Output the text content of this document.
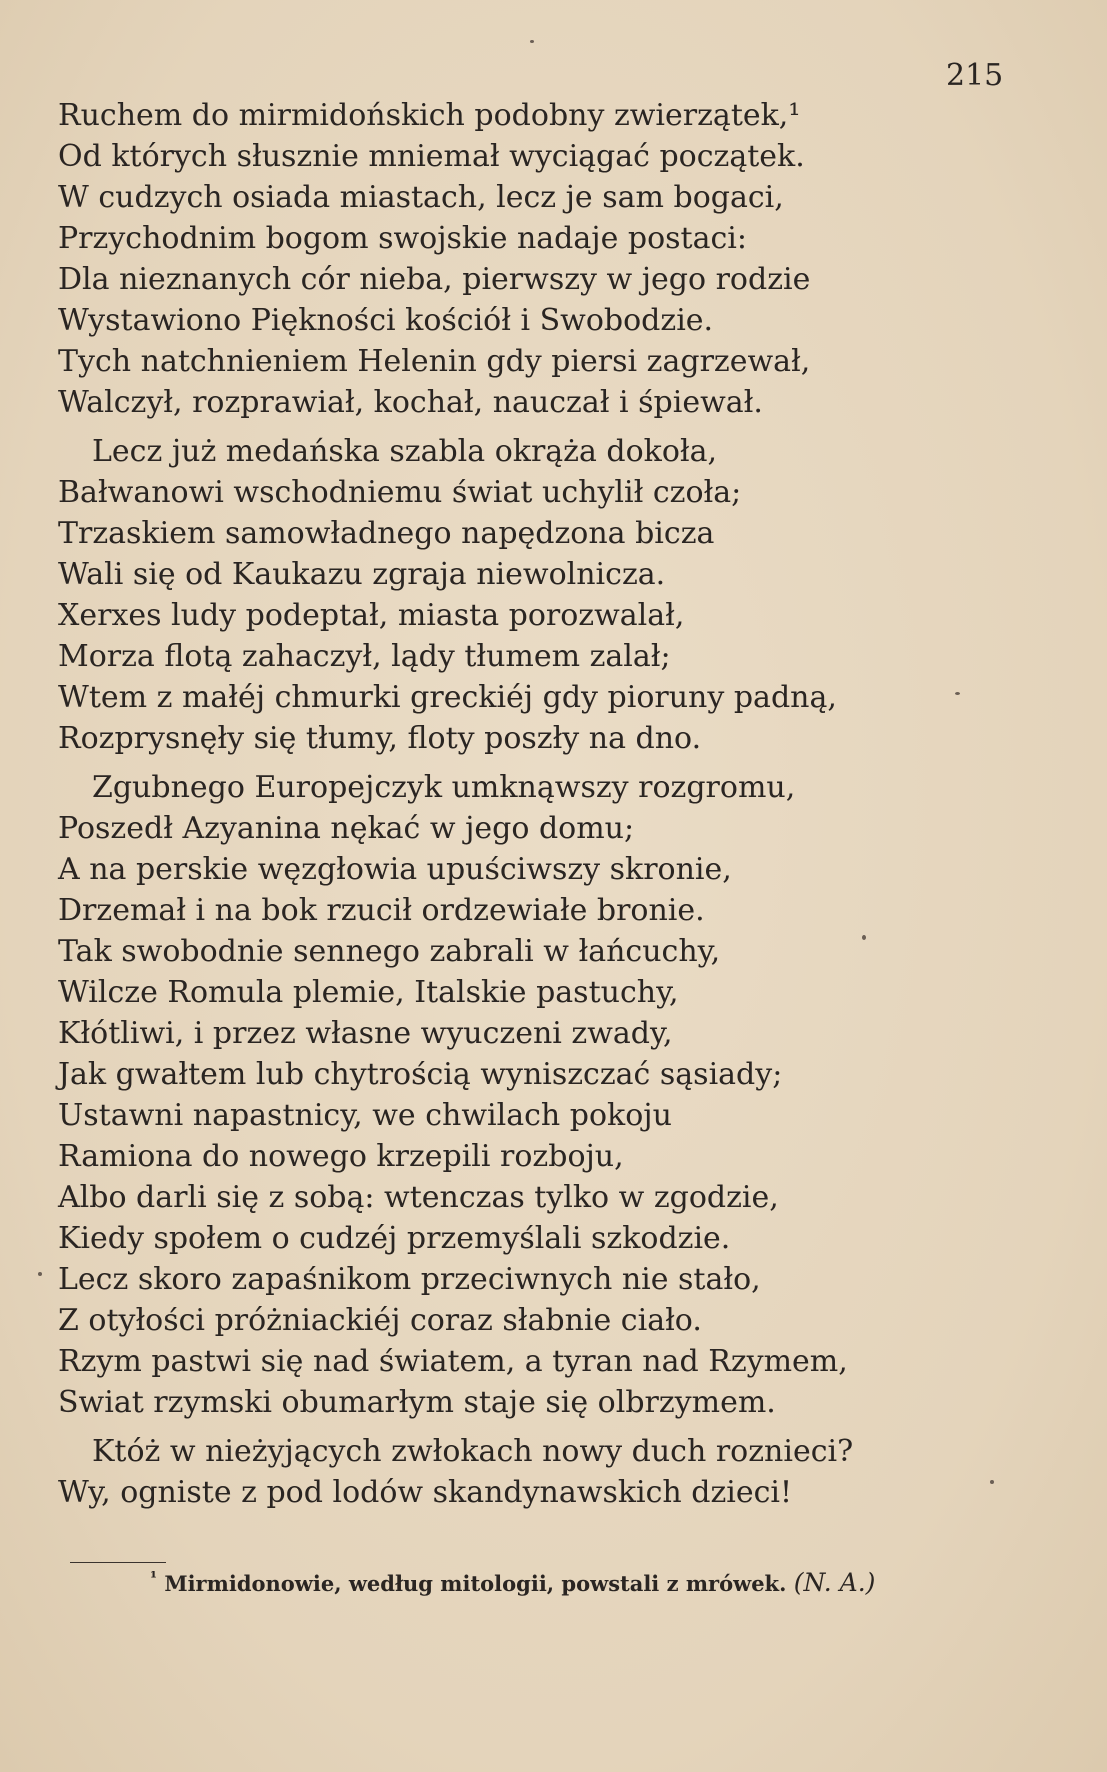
215
Ruchem do mirmidońskich podobny zwierzątek,¹
Od których słusznie mniemał wyciągać początek.
W cudzych osiada miastach, lecz je sam bogaci,
Przychodnim bogom swojskie nadaje postaci:
Dla nieznanych cór nieba, pierwszy w jego rodzie
Wystawiono Piękności kościół i Swobodzie.
Tych natchnieniem Helenin gdy piersi zagrzewał,
Walczył, rozprawiał, kochał, nauczał i śpiewał.
Lecz już medańska szabla okrąża dokoła,
Bałwanowi wschodniemu świat uchylił czoła;
Trzaskiem samowładnego napędzona bicza
Wali się od Kaukazu zgraja niewolnicza.
Xerxes ludy podeptał, miasta porozwalał,
Morza flotą zahaczył, lądy tłumem zalał;
Wtem z małéj chmurki greckiéj gdy pioruny padną,
Rozprysnęły się tłumy, floty poszły na dno.
Zgubnego Europejczyk umknąwszy rozgromu,
Poszedł Azyanina nękać w jego domu;
A na perskie węzgłowia upuściwszy skronie,
Drzemał i na bok rzucił ordzewiałe bronie.
Tak swobodnie sennego zabrali w łańcuchy,
Wilcze Romula plemie, Italskie pastuchy,
Kłótliwi, i przez własne wyuczeni zwady,
Jak gwałtem lub chytrością wyniszczać sąsiady;
Ustawni napastnicy, we chwilach pokoju
Ramiona do nowego krzepili rozboju,
Albo darli się z sobą: wtenczas tylko w zgodzie,
Kiedy społem o cudzéj przemyślali szkodzie.
Lecz skoro zapaśnikom przeciwnych nie stało,
Z otyłości próżniackiéj coraz słabnie ciało.
Rzym pastwi się nad światem, a tyran nad Rzymem,
Swiat rzymski obumarłym staje się olbrzymem.
Któż w nieżyjących zwłokach nowy duch roznieci?
Wy, ogniste z pod lodów skandynawskich dzieci!
$^{^1}$ Mirmidonowie, według mitologii, powstali z mrówek. (N. A.)
